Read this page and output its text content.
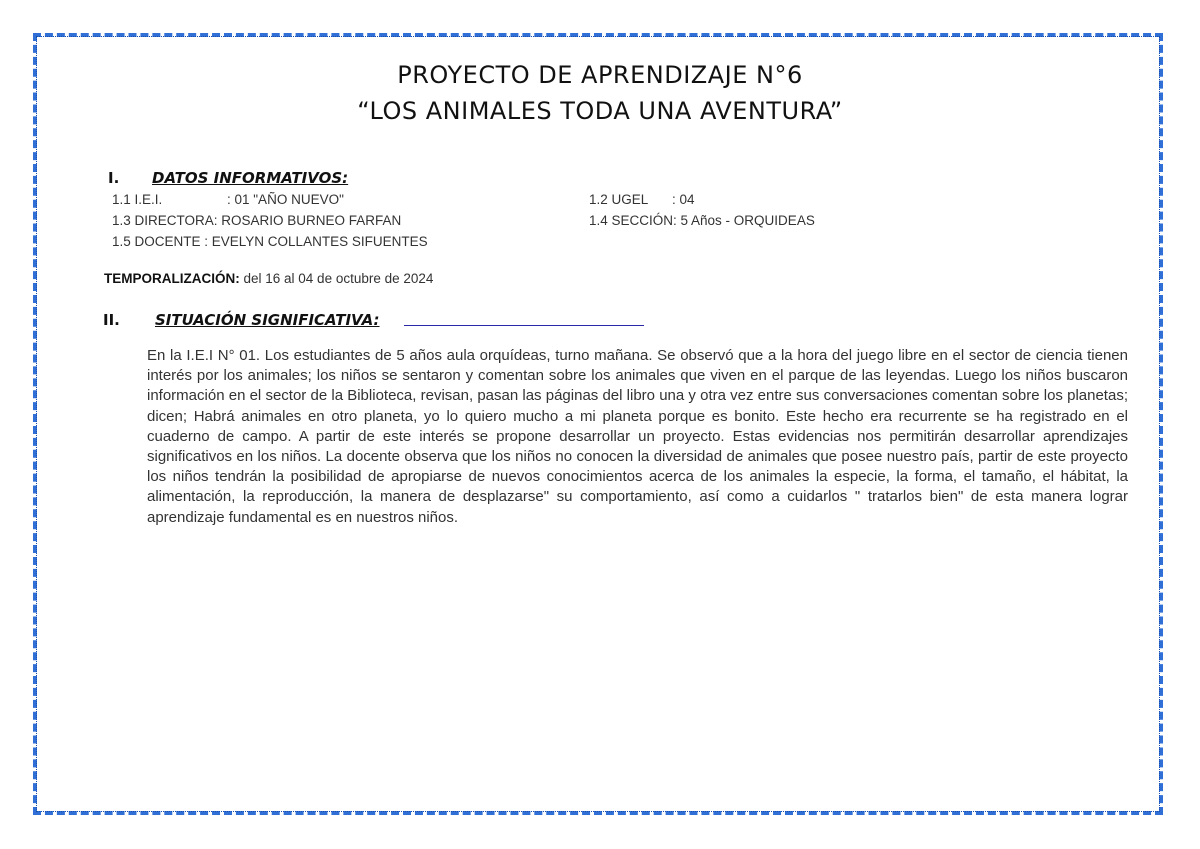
PROYECTO DE APRENDIZAJE N°6
“LOS ANIMALES TODA UNA AVENTURA”
I. DATOS INFORMATIVOS:
1.1 I.E.I.	: 01 "AÑO NUEVO"	1.2 UGEL : 04
1.3 DIRECTORA: ROSARIO BURNEO FARFAN	1.4 SECCIÓN: 5 Años - ORQUIDEAS
1.5 DOCENTE : EVELYN COLLANTES SIFUENTES
TEMPORALIZACIÓN: del 16 al 04 de octubre de 2024
II. SITUACIÓN SIGNIFICATIVA:

En la I.E.I N° 01. Los estudiantes de 5 años aula orquídeas, turno mañana. Se observó que a la hora del juego libre en el sector de ciencia tienen interés por los animales; los niños se sentaron y comentan sobre los animales que viven en el parque de las leyendas. Luego los niños buscaron información en el sector de la Biblioteca, revisan, pasan las páginas del libro una y otra vez entre sus conversaciones comentan sobre los planetas; dicen; Habrá animales en otro planeta, yo lo quiero mucho a mi planeta porque es bonito. Este hecho era recurrente se ha registrado en el cuaderno de campo. A partir de este interés se propone desarrollar un proyecto. Estas evidencias nos permitirán desarrollar aprendizajes significativos en los niños. La docente observa que los niños no conocen la diversidad de animales que posee nuestro país, partir de este proyecto los niños tendrán la posibilidad de apropiarse de nuevos conocimientos acerca de los animales la especie, la forma, el tamaño, el hábitat, la alimentación, la reproducción, la manera de desplazarse" su comportamiento, así como a cuidarlos " tratarlos bien" de esta manera lograr aprendizaje fundamental es en nuestros niños.
